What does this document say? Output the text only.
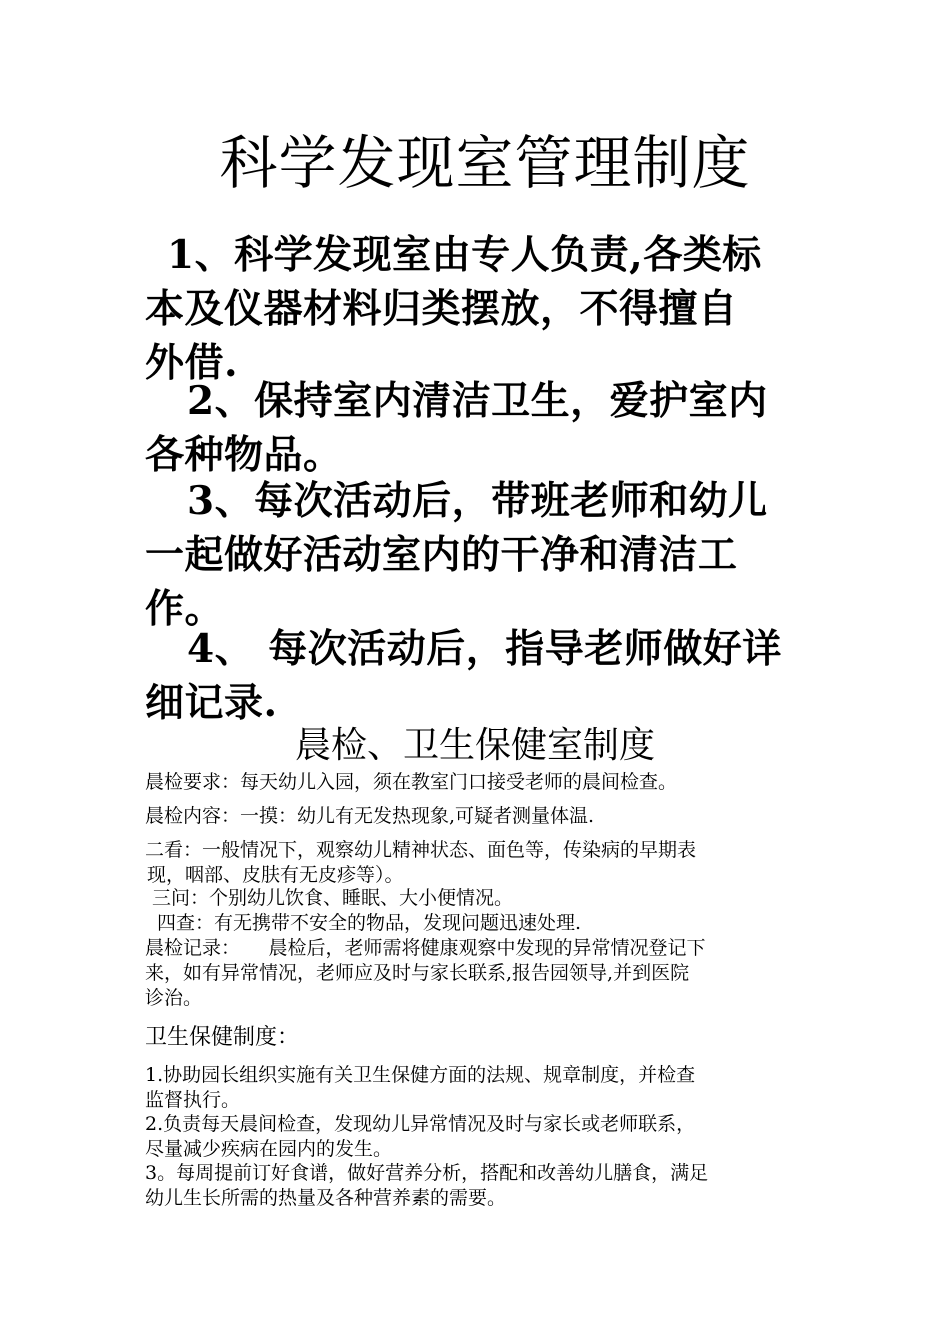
科学发现室管理制度
1、科学发现室由专人负责,各类标
本及仪器材料归类摆放，不得擅自
外借.
2、保持室内清洁卫生，爱护室内
各种物品。
3、每次活动后，带班老师和幼儿
一起做好活动室内的干净和清洁工
作。
4、 每次活动后，指导老师做好详
细记录.
晨检、卫生保健室制度
晨检要求：每天幼儿入园，须在教室门口接受老师的晨间检查。
晨检内容：一摸：幼儿有无发热现象,可疑者测量体温.
二看：一般情况下，观察幼儿精神状态、面色等，传染病的早期表
现，咽部、皮肤有无皮疹等）。
三问：个别幼儿饮食、睡眠、大小便情况。
四查：有无携带不安全的物品，发现问题迅速处理.
晨检记录：　　晨检后，老师需将健康观察中发现的异常情况登记下
来，如有异常情况，老师应及时与家长联系,报告园领导,并到医院
诊治。
卫生保健制度：
1.协助园长组织实施有关卫生保健方面的法规、规章制度，并检查
监督执行。
2.负责每天晨间检查，发现幼儿异常情况及时与家长或老师联系，
尽量减少疾病在园内的发生。
3。每周提前订好食谱，做好营养分析，搭配和改善幼儿膳食，满足
幼儿生长所需的热量及各种营养素的需要。
